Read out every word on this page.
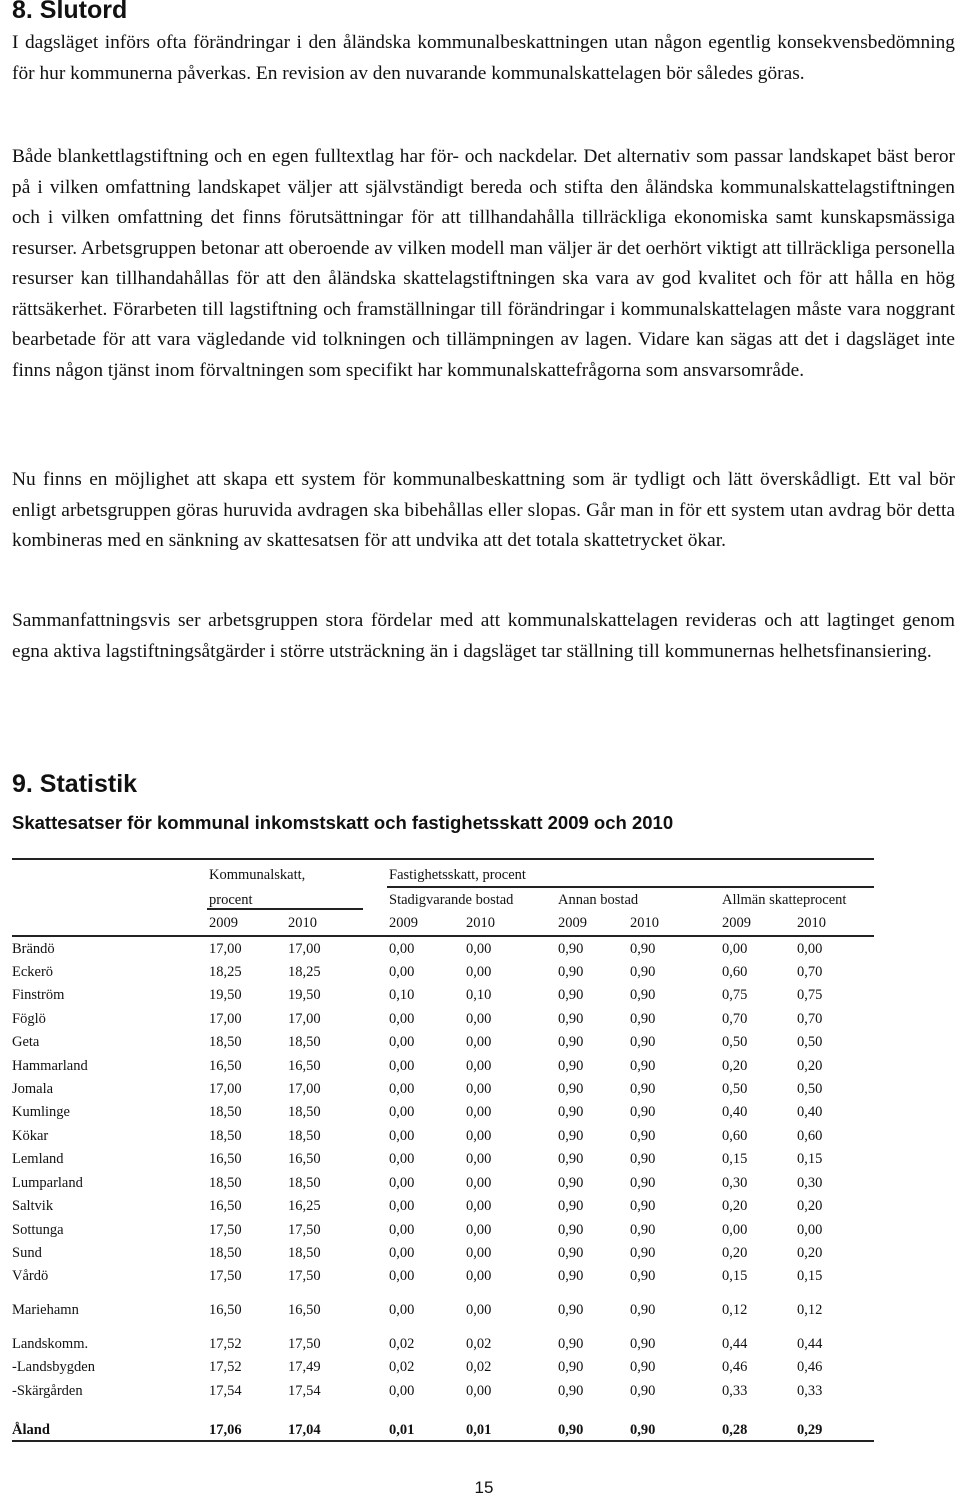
8. Slutord

I dagsläget införs ofta förändringar i den åländska kommunalbeskattningen utan någon egentlig konsekvensbedömning för hur kommunerna påverkas. En revision av den nuvarande kommunalskattelagen bör således göras.

Både blankettlagstiftning och en egen fulltextlag har för- och nackdelar. Det alternativ som passar landskapet bäst beror på i vilken omfattning landskapet väljer att självständigt bereda och stifta den åländska kommunalskattelagstiftningen och i vilken omfattning det finns förutsättningar för att tillhandahålla tillräckliga ekonomiska samt kunskapsmässiga resurser. Arbetsgruppen betonar att oberoende av vilken modell man väljer är det oerhört viktigt att tillräckliga personella resurser kan tillhandahållas för att den åländska skattelagstiftningen ska vara av god kvalitet och för att hålla en hög rättsäkerhet. Förarbeten till lagstiftning och framställningar till förändringar i kommunalskattelagen måste vara noggrant bearbetade för att vara vägledande vid tolkningen och tillämpningen av lagen. Vidare kan sägas att det i dagsläget inte finns någon tjänst inom förvaltningen som specifikt har kommunalskattefrågorna som ansvarsområde.

Nu finns en möjlighet att skapa ett system för kommunalbeskattning som är tydligt och lätt överskådligt. Ett val bör enligt arbetsgruppen göras huruvida avdragen ska bibehållas eller slopas. Går man in för ett system utan avdrag bör detta kombineras med en sänkning av skattesatsen för att undvika att det totala skattetrycket ökar.

Sammanfattningsvis ser arbetsgruppen stora fördelar med att kommunalskattelagen revideras och att lagtinget genom egna aktiva lagstiftningsåtgärder i större utsträckning än i dagsläget tar ställning till kommunernas helhetsfinansiering.

9. Statistik
Skattesatser för kommunal inkomstskatt och fastighetsskatt 2009 och 2010
Kommunalskatt,
procent
Fastighetsskatt, procent
Stadigvarande bostad	Annan bostad	Allmän skatteprocent
2009	2010	2009	2010	2009	2010	2009	2010
Brändö	17,00	17,00	0,00	0,00	0,90	0,90	0,00	0,00
Eckerö	18,25	18,25	0,00	0,00	0,90	0,90	0,60	0,70
Finström	19,50	19,50	0,10	0,10	0,90	0,90	0,75	0,75
Föglö	17,00	17,00	0,00	0,00	0,90	0,90	0,70	0,70
Geta	18,50	18,50	0,00	0,00	0,90	0,90	0,50	0,50
Hammarland	16,50	16,50	0,00	0,00	0,90	0,90	0,20	0,20
Jomala	17,00	17,00	0,00	0,00	0,90	0,90	0,50	0,50
Kumlinge	18,50	18,50	0,00	0,00	0,90	0,90	0,40	0,40
Kökar	18,50	18,50	0,00	0,00	0,90	0,90	0,60	0,60
Lemland	16,50	16,50	0,00	0,00	0,90	0,90	0,15	0,15
Lumparland	18,50	18,50	0,00	0,00	0,90	0,90	0,30	0,30
Saltvik	16,50	16,25	0,00	0,00	0,90	0,90	0,20	0,20
Sottunga	17,50	17,50	0,00	0,00	0,90	0,90	0,00	0,00
Sund	18,50	18,50	0,00	0,00	0,90	0,90	0,20	0,20
Vårdö	17,50	17,50	0,00	0,00	0,90	0,90	0,15	0,15
Mariehamn	16,50	16,50	0,00	0,00	0,90	0,90	0,12	0,12
Landskomm.	17,52	17,50	0,02	0,02	0,90	0,90	0,44	0,44
-Landsbygden	17,52	17,49	0,02	0,02	0,90	0,90	0,46	0,46
-Skärgården	17,54	17,54	0,00	0,00	0,90	0,90	0,33	0,33
Åland	17,06	17,04	0,01	0,01	0,90	0,90	0,28	0,29
15
